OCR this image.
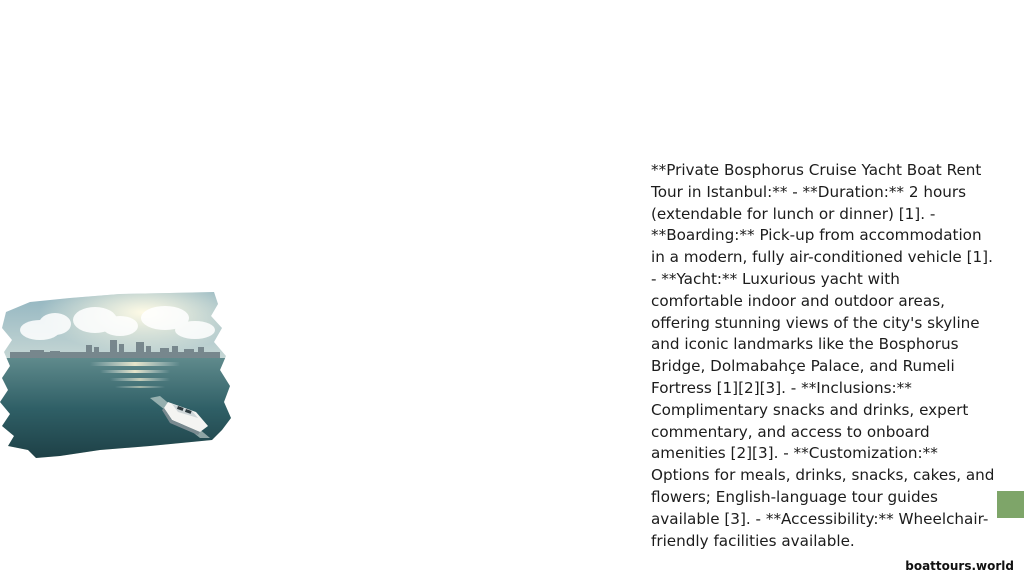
**Private Bosphorus Cruise Yacht Boat Rent Tour in Istanbul:** - **Duration:** 2 hours (extendable for lunch or dinner) [1]. - **Boarding:** Pick-up from accommodation in a modern, fully air-conditioned vehicle [1]. - **Yacht:** Luxurious yacht with comfortable indoor and outdoor areas, offering stunning views of the city's skyline and iconic landmarks like the Bosphorus Bridge, Dolmabahçe Palace, and Rumeli Fortress [1][2][3]. - **Inclusions:** Complimentary snacks and drinks, expert commentary, and access to onboard amenities [2][3]. - **Customization:** Options for meals, drinks, snacks, cakes, and flowers; English-language tour guides available [3]. - **Accessibility:** Wheelchair-friendly facilities available.

boattours.world
